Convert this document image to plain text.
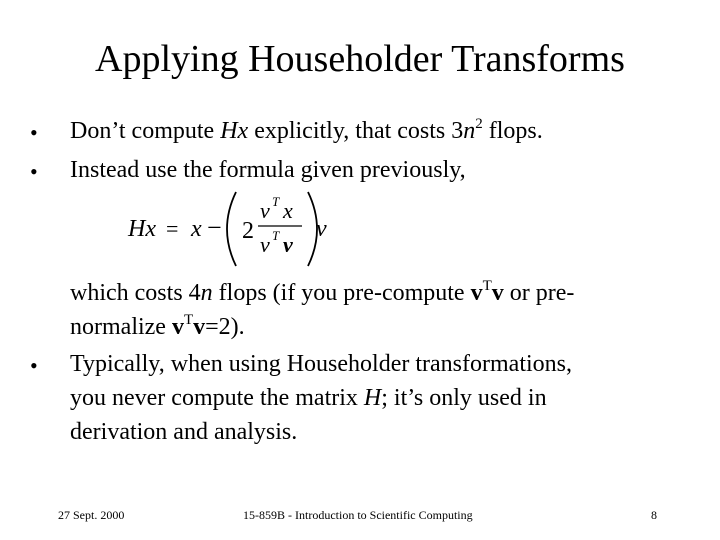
Applying Householder Transforms
• Don’t compute Hx explicitly, that costs $3n^2$ flops.
• Instead use the formula given previously,
Hx = x − 2
v T x
v T v
v
which costs 4n flops (if you pre-compute $v^Tv$ or pre-
normalize $v^Tv=2$).
• Typically, when using Householder transformations,
you never compute the matrix H; it’s only used in
derivation and analysis.
27 Sept. 2000	15-859B - Introduction to Scientific Computing	8
